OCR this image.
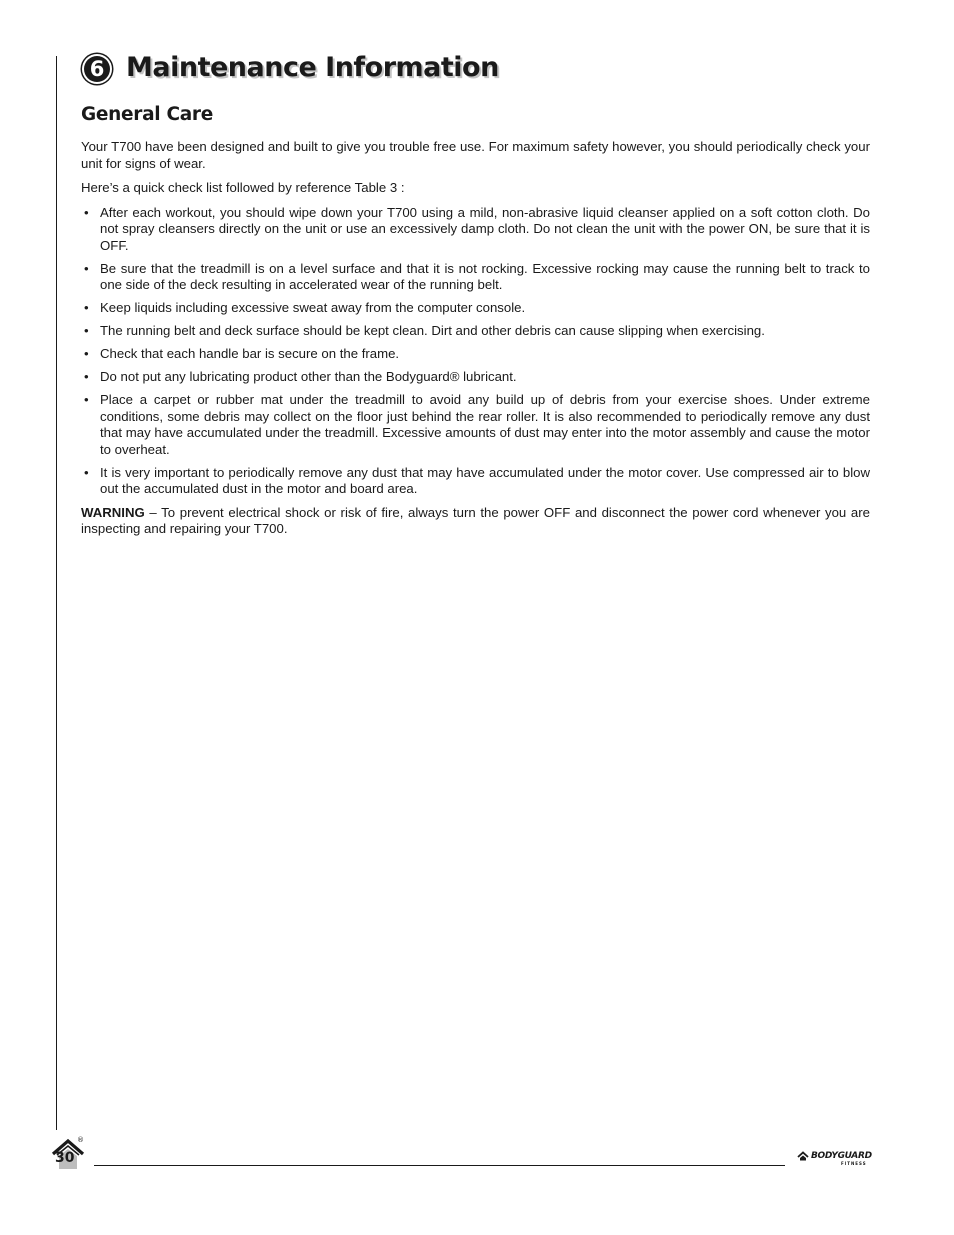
6 Maintenance Information
General Care

Your T700 have been designed and built to give you trouble free use. For maximum safety however, you should periodically check your unit for signs of wear.

Here’s a quick check list followed by reference Table 3 :

• After each workout, you should wipe down your T700 using a mild, non-abrasive liquid cleanser applied on a soft cotton cloth. Do not spray cleansers directly on the unit or use an excessively damp cloth. Do not clean the unit with the power ON, be sure that it is OFF.
• Be sure that the treadmill is on a level surface and that it is not rocking. Excessive rocking may cause the running belt to track to one side of the deck resulting in accelerated wear of the running belt.
• Keep liquids including excessive sweat away from the computer console.
• The running belt and deck surface should be kept clean. Dirt and other debris can cause slipping when exercising.
• Check that each handle bar is secure on the frame.
• Do not put any lubricating product other than the Bodyguard® lubricant.
• Place a carpet or rubber mat under the treadmill to avoid any build up of debris from your exercise shoes. Under extreme conditions, some debris may collect on the floor just behind the rear roller. It is also recommended to periodically remove any dust that may have accumulated under the treadmill. Excessive amounts of dust may enter into the motor assembly and cause the motor to overheat.
• It is very important to periodically remove any dust that may have accumulated under the motor cover. Use compressed air to blow out the accumulated dust in the motor and board area.

WARNING – To prevent electrical shock or risk of fire, always turn the power OFF and disconnect the power cord whenever you are inspecting and repairing your T700.

®
30	BODYGUARD
FITNESS
